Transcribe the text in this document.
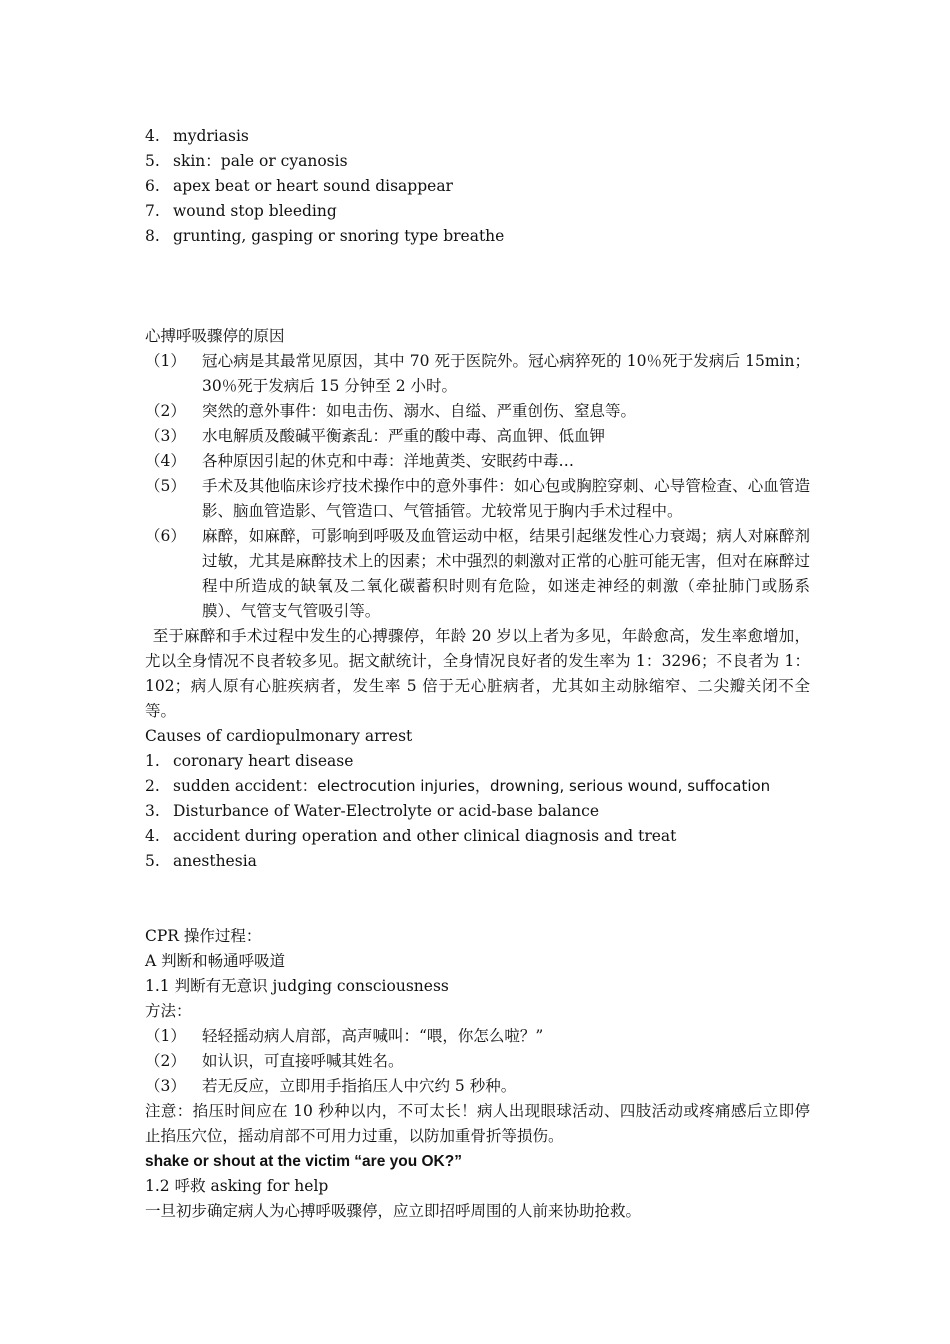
4. mydriasis
5. skin：pale or cyanosis
6. apex beat or heart sound disappear
7. wound stop bleeding
8. grunting, gasping or snoring type breathe

心搏呼吸骤停的原因

（1）	冠心病是其最常见原因，其中 70 死于医院外。冠心病猝死的 10％死于发病后 15min；30％死于发病后 15 分钟至 2 小时。
（2）	突然的意外事件：如电击伤、溺水、自缢、严重创伤、窒息等。
（3）	水电解质及酸碱平衡紊乱：严重的酸中毒、高血钾、低血钾
（4）	各种原因引起的休克和中毒：洋地黄类、安眠药中毒…
（5）	手术及其他临床诊疗技术操作中的意外事件：如心包或胸腔穿刺、心导管检查、心血管造影、脑血管造影、气管造口、气管插管。尤较常见于胸内手术过程中。
（6）	麻醉，如麻醉，可影响到呼吸及血管运动中枢，结果引起继发性心力衰竭；病人对麻醉剂过敏，尤其是麻醉技术上的因素；术中强烈的刺激对正常的心脏可能无害，但对在麻醉过程中所造成的缺氧及二氧化碳蓄积时则有危险，如迷走神经的刺激（牵扯肺门或肠系膜）、气管支气管吸引等。

至于麻醉和手术过程中发生的心搏骤停，年龄 20 岁以上者为多见，年龄愈高，发生率愈增加，尤以全身情况不良者较多见。据文献统计，全身情况良好者的发生率为 1：3296；不良者为 1：102；病人原有心脏疾病者，发生率 5 倍于无心脏病者，尤其如主动脉缩窄、二尖瓣关闭不全等。

Causes of cardiopulmonary arrest

1. coronary heart disease
2. sudden accident：electrocution injuries，drowning, serious wound, suffocation
3. Disturbance of Water-Electrolyte or acid-base balance
4. accident during operation and other clinical diagnosis and treat
5. anesthesia

CPR 操作过程：

A 判断和畅通呼吸道

1.1 判断有无意识 judging consciousness

方法：

（1）	轻轻摇动病人肩部，高声喊叫：“喂，你怎么啦？”
（2）	如认识，可直接呼喊其姓名。
（3）	若无反应，立即用手指掐压人中穴约 5 秒种。

注意：掐压时间应在 10 秒种以内，不可太长！病人出现眼球活动、四肢活动或疼痛感后立即停止掐压穴位，摇动肩部不可用力过重，以防加重骨折等损伤。

shake or shout at the victim “are you OK?”

1.2 呼救 asking for help

一旦初步确定病人为心搏呼吸骤停，应立即招呼周围的人前来协助抢救。
